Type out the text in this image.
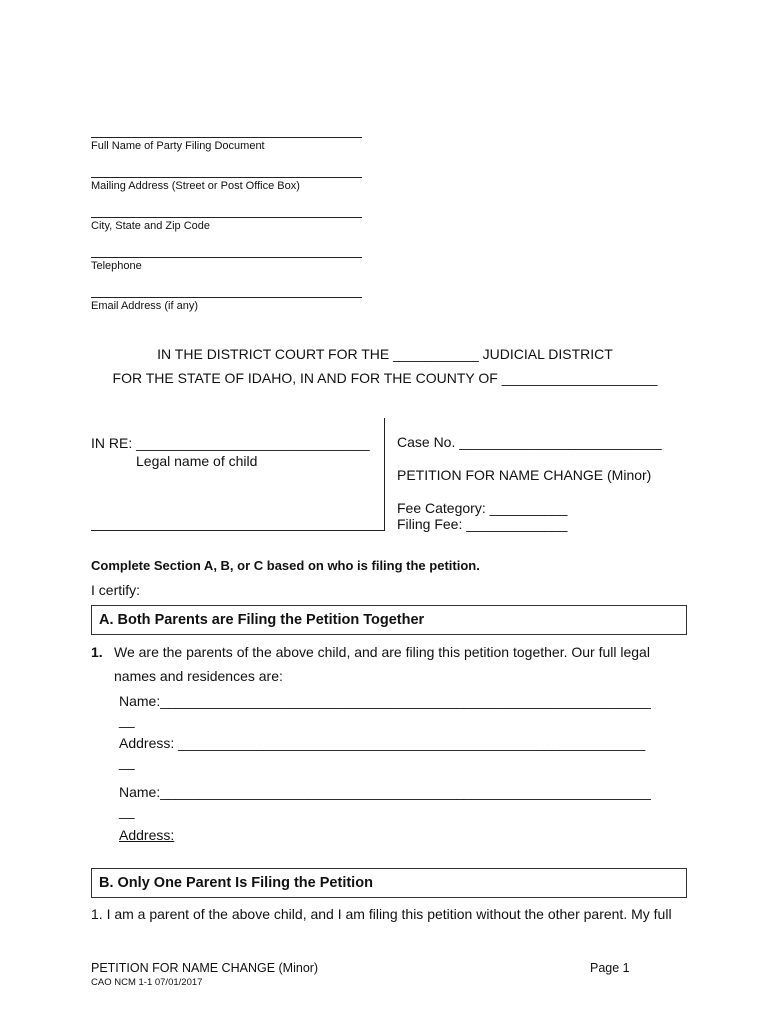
Full Name of Party Filing Document
Mailing Address (Street or Post Office Box)
City, State and Zip Code
Telephone
Email Address (if any)
IN THE DISTRICT COURT FOR THE ___________ JUDICIAL DISTRICT
FOR THE STATE OF IDAHO, IN AND FOR THE COUNTY OF ____________________
IN RE: ______________________________
Legal name of child
Case No. __________________________
PETITION FOR NAME CHANGE (Minor)
Fee Category: __________
Filing Fee: _____________
Complete Section A, B, or C based on who is filing the petition.
I certify:
A. Both Parents are Filing the Petition Together
1. We are the parents of the above child, and are filing this petition together. Our full legal
names and residences are:
Name:_______________________________________________________________
__
Address: ____________________________________________________________
__
Name:_______________________________________________________________
__
Address:
B. Only One Parent Is Filing the Petition
1. I am a parent of the above child, and I am filing this petition without the other parent. My full
PETITION FOR NAME CHANGE (Minor)	Page 1
CAO NCM 1-1 07/01/2017
